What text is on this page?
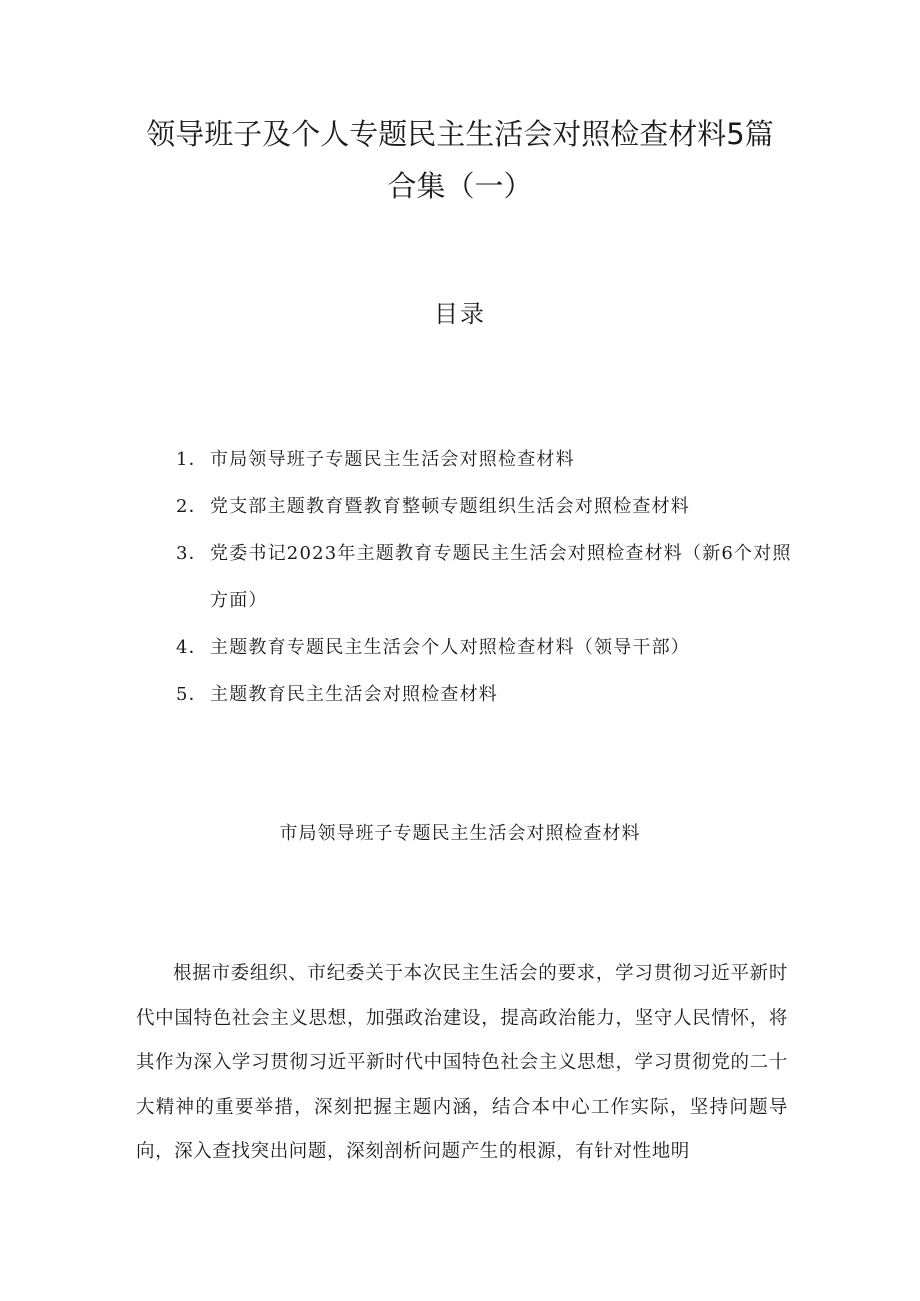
领导班子及个人专题民主生活会对照检查材料5篇合集（一）
目录
1． 市局领导班子专题民主生活会对照检查材料
2． 党支部主题教育暨教育整顿专题组织生活会对照检查材料
3． 党委书记2023年主题教育专题民主生活会对照检查材料（新6个对照方面）
4． 主题教育专题民主生活会个人对照检查材料（领导干部）
5． 主题教育民主生活会对照检查材料
市局领导班子专题民主生活会对照检查材料

根据市委组织、市纪委关于本次民主生活会的要求，学习贯彻习近平新时代中国特色社会主义思想，加强政治建设，提高政治能力，坚守人民情怀，将其作为深入学习贯彻习近平新时代中国特色社会主义思想，学习贯彻党的二十大精神的重要举措，深刻把握主题内涵，结合本中心工作实际，坚持问题导向，深入查找突出问题，深刻剖析问题产生的根源，有针对性地明
